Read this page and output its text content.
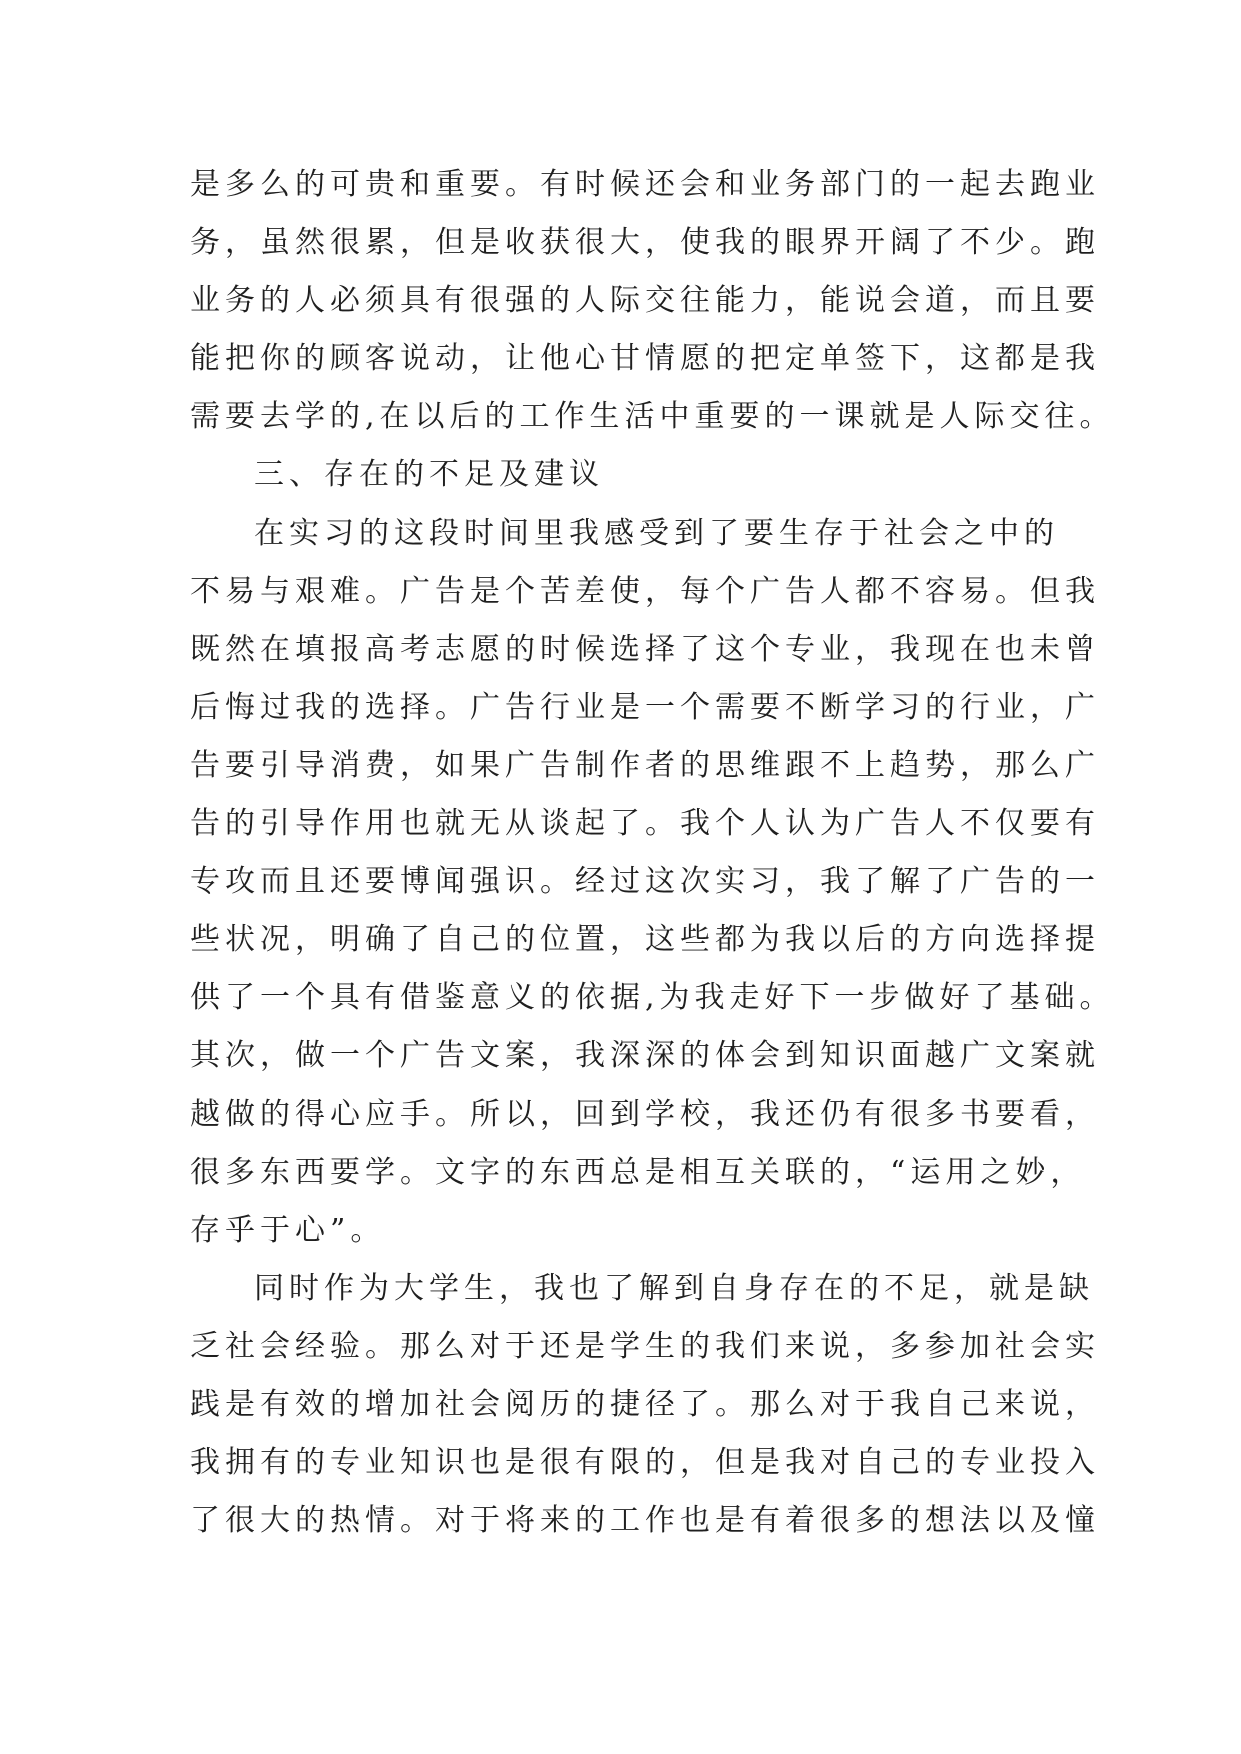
是多么的可贵和重要。有时候还会和业务部门的一起去跑业
务，虽然很累，但是收获很大，使我的眼界开阔了不少。跑
业务的人必须具有很强的人际交往能力，能说会道，而且要
能把你的顾客说动，让他心甘情愿的把定单签下，这都是我
需要去学的,在以后的工作生活中重要的一课就是人际交往。
三、存在的不足及建议
在实习的这段时间里我感受到了要生存于社会之中的
不易与艰难。广告是个苦差使，每个广告人都不容易。但我
既然在填报高考志愿的时候选择了这个专业，我现在也未曾
后悔过我的选择。广告行业是一个需要不断学习的行业，广
告要引导消费，如果广告制作者的思维跟不上趋势，那么广
告的引导作用也就无从谈起了。我个人认为广告人不仅要有
专攻而且还要博闻强识。经过这次实习，我了解了广告的一
些状况，明确了自己的位置，这些都为我以后的方向选择提
供了一个具有借鉴意义的依据,为我走好下一步做好了基础。
其次，做一个广告文案，我深深的体会到知识面越广文案就
越做的得心应手。所以，回到学校，我还仍有很多书要看，
很多东西要学。文字的东西总是相互关联的，“运用之妙，
存乎于心”。
同时作为大学生，我也了解到自身存在的不足，就是缺
乏社会经验。那么对于还是学生的我们来说，多参加社会实
践是有效的增加社会阅历的捷径了。那么对于我自己来说，
我拥有的专业知识也是很有限的，但是我对自己的专业投入
了很大的热情。对于将来的工作也是有着很多的想法以及憧
